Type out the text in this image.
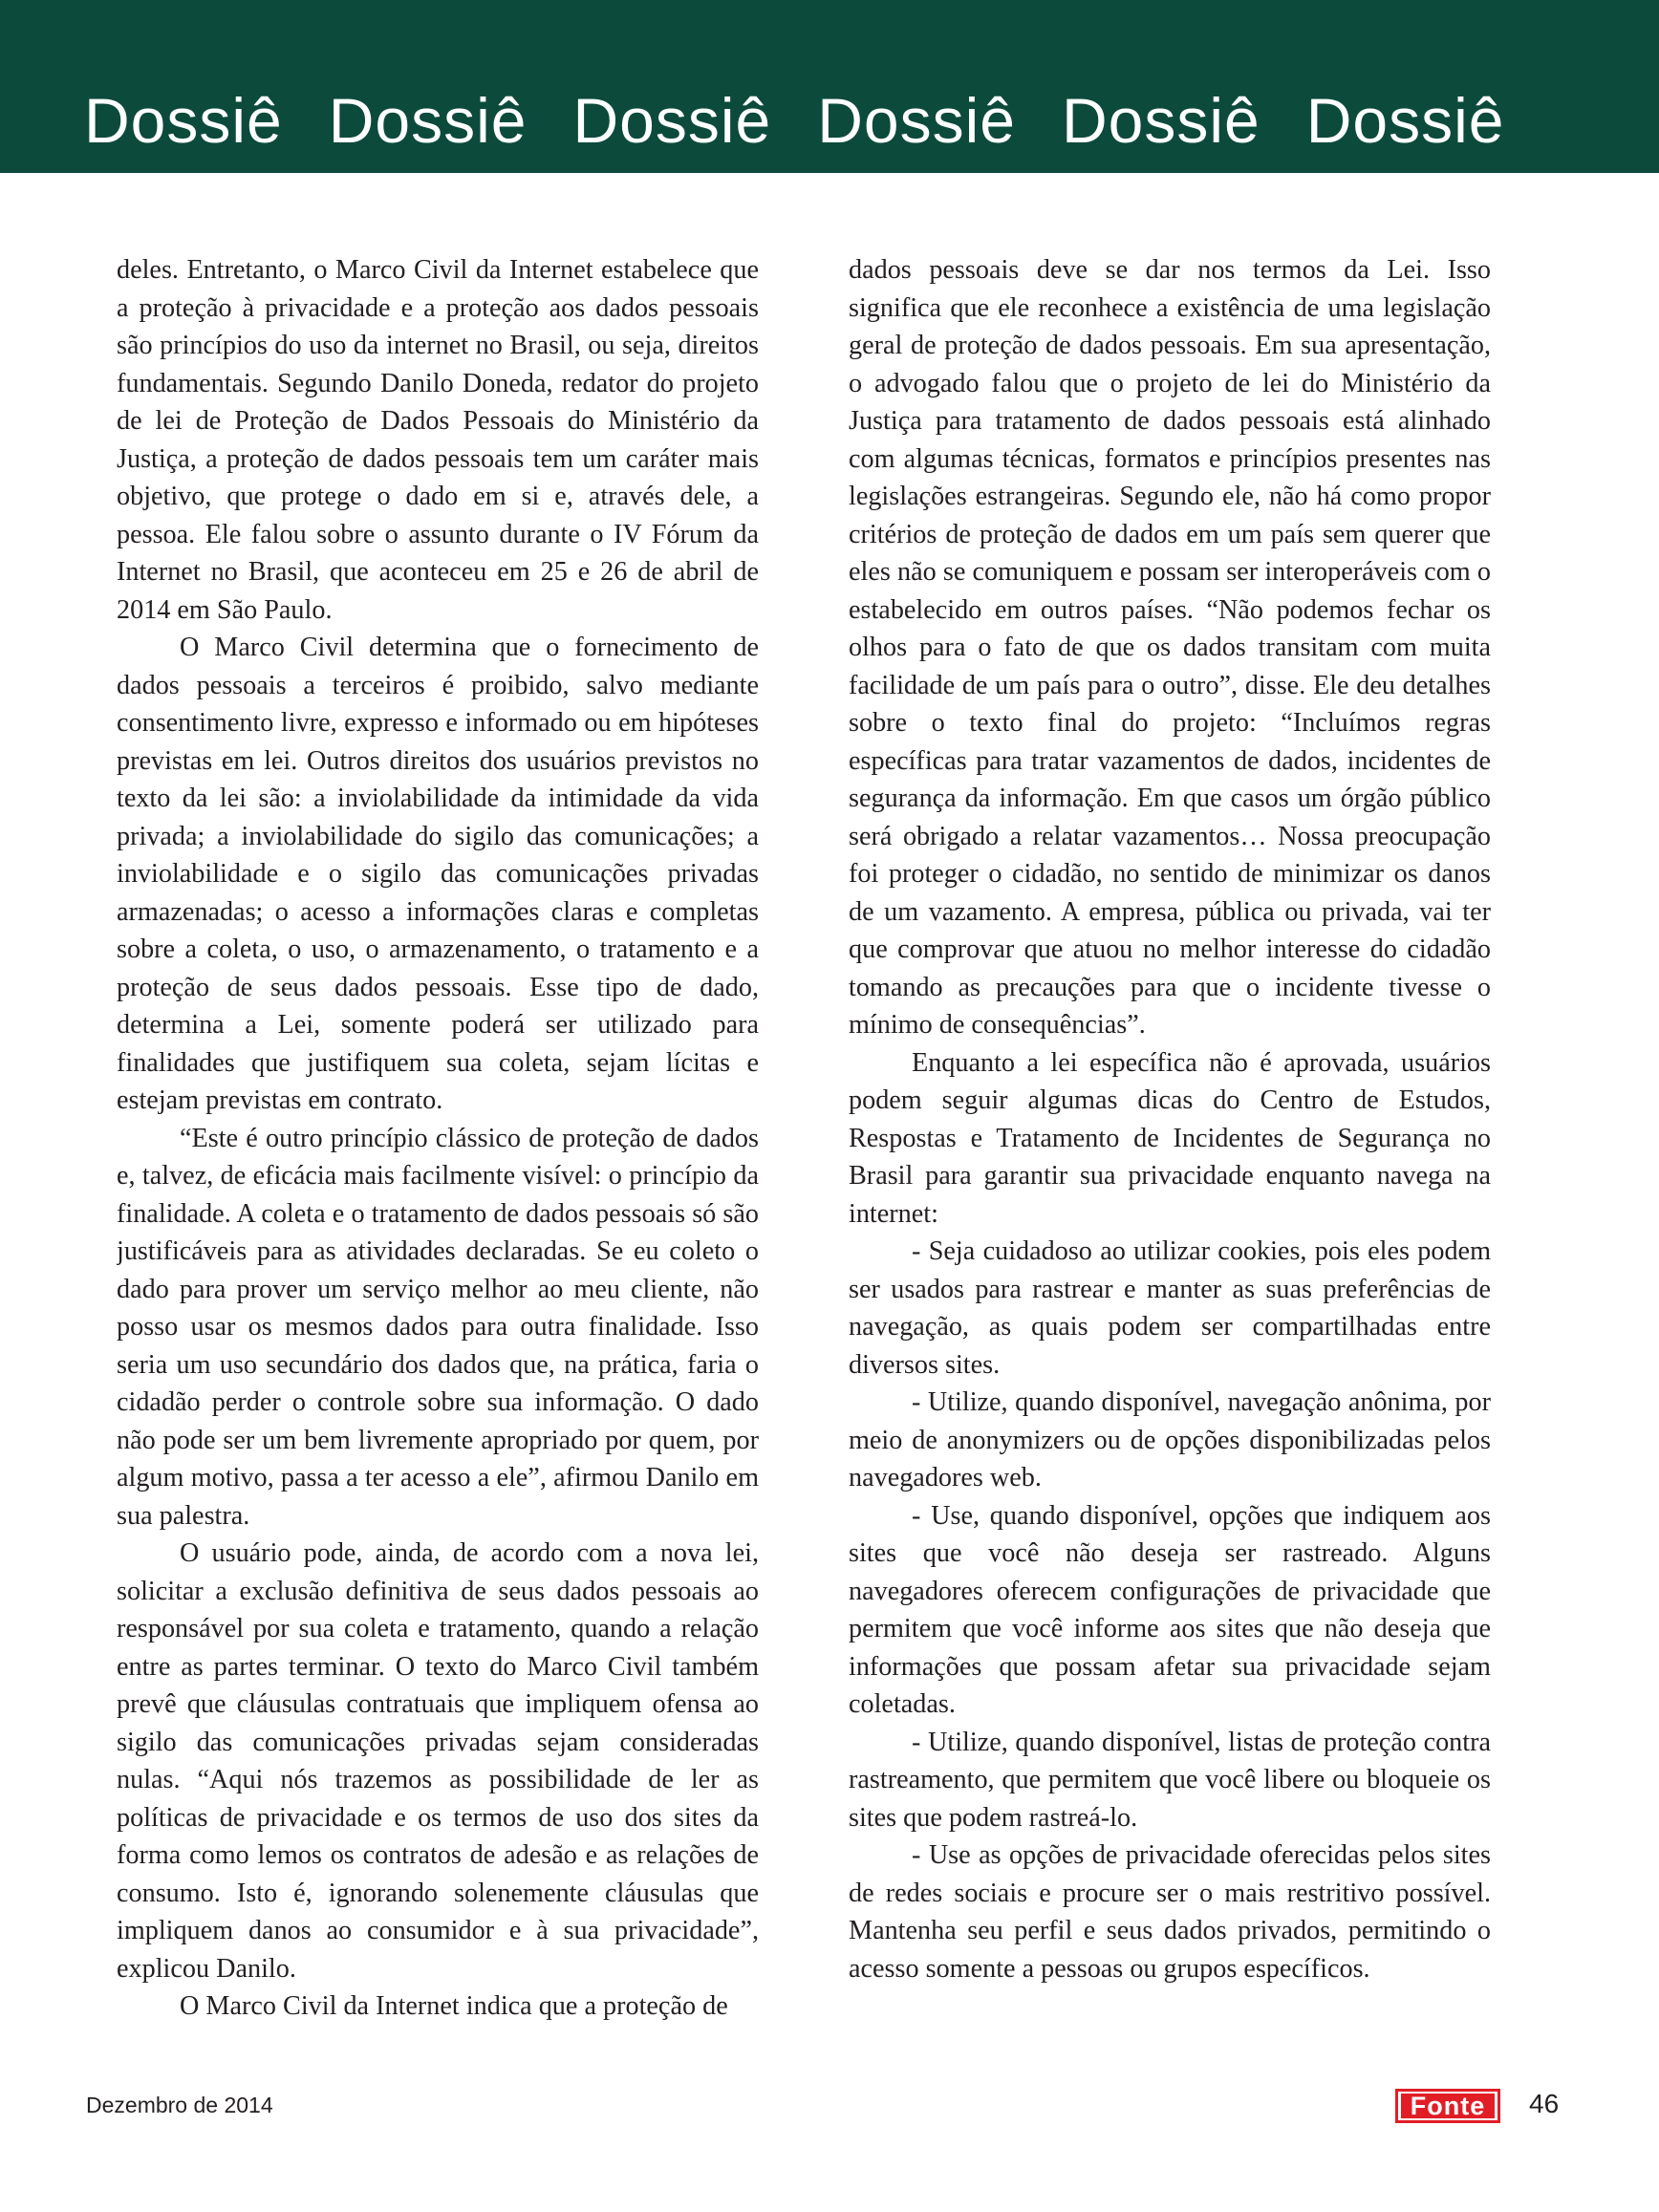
Dossiê Dossiê Dossiê Dossiê Dossiê Dossiê

deles. Entretanto, o Marco Civil da Internet estabelece que a proteção à privacidade e a proteção aos dados pessoais são princípios do uso da internet no Brasil, ou seja, direitos fundamentais. Segundo Danilo Doneda, redator do projeto de lei de Proteção de Dados Pessoais do Ministério da Justiça, a proteção de dados pessoais tem um caráter mais objetivo, que protege o dado em si e, através dele, a pessoa. Ele falou sobre o assunto durante o IV Fórum da Internet no Brasil, que aconteceu em 25 e 26 de abril de 2014 em São Paulo.

O Marco Civil determina que o fornecimento de dados pessoais a terceiros é proibido, salvo mediante consentimento livre, expresso e informado ou em hipóteses previstas em lei. Outros direitos dos usuários previstos no texto da lei são: a inviolabilidade da intimidade da vida privada; a inviolabilidade do sigilo das comunicações; a inviolabilidade e o sigilo das comunicações privadas armazenadas; o acesso a informações claras e completas sobre a coleta, o uso, o armazenamento, o tratamento e a proteção de seus dados pessoais. Esse tipo de dado, determina a Lei, somente poderá ser utilizado para finalidades que justifiquem sua coleta, sejam lícitas e estejam previstas em contrato.

“Este é outro princípio clássico de proteção de dados e, talvez, de eficácia mais facilmente visível: o princípio da finalidade. A coleta e o tratamento de dados pessoais só são justificáveis para as atividades declaradas. Se eu coleto o dado para prover um serviço melhor ao meu cliente, não posso usar os mesmos dados para outra finalidade. Isso seria um uso secundário dos dados que, na prática, faria o cidadão perder o controle sobre sua informação. O dado não pode ser um bem livremente apropriado por quem, por algum motivo, passa a ter acesso a ele”, afirmou Danilo em sua palestra.

O usuário pode, ainda, de acordo com a nova lei, solicitar a exclusão definitiva de seus dados pessoais ao responsável por sua coleta e tratamento, quando a relação entre as partes terminar. O texto do Marco Civil também prevê que cláusulas contratuais que impliquem ofensa ao sigilo das comunicações privadas sejam consideradas nulas. “Aqui nós trazemos as possibilidade de ler as políticas de privacidade e os termos de uso dos sites da forma como lemos os contratos de adesão e as relações de consumo. Isto é, ignorando solenemente cláusulas que impliquem danos ao consumidor e à sua privacidade”, explicou Danilo.

O Marco Civil da Internet indica que a proteção de

dados pessoais deve se dar nos termos da Lei. Isso significa que ele reconhece a existência de uma legislação geral de proteção de dados pessoais. Em sua apresentação, o advogado falou que o projeto de lei do Ministério da Justiça para tratamento de dados pessoais está alinhado com algumas técnicas, formatos e princípios presentes nas legislações estrangeiras. Segundo ele, não há como propor critérios de proteção de dados em um país sem querer que eles não se comuniquem e possam ser interoperáveis com o estabelecido em outros países. “Não podemos fechar os olhos para o fato de que os dados transitam com muita facilidade de um país para o outro”, disse. Ele deu detalhes sobre o texto final do projeto: “Incluímos regras específicas para tratar vazamentos de dados, incidentes de segurança da informação. Em que casos um órgão público será obrigado a relatar vazamentos… Nossa preocupação foi proteger o cidadão, no sentido de minimizar os danos de um vazamento. A empresa, pública ou privada, vai ter que comprovar que atuou no melhor interesse do cidadão tomando as precauções para que o incidente tivesse o mínimo de consequências”.

Enquanto a lei específica não é aprovada, usuários podem seguir algumas dicas do Centro de Estudos, Respostas e Tratamento de Incidentes de Segurança no Brasil para garantir sua privacidade enquanto navega na internet:

- Seja cuidadoso ao utilizar cookies, pois eles podem ser usados para rastrear e manter as suas preferências de navegação, as quais podem ser compartilhadas entre diversos sites.

- Utilize, quando disponível, navegação anônima, por meio de anonymizers ou de opções disponibilizadas pelos navegadores web.

- Use, quando disponível, opções que indiquem aos sites que você não deseja ser rastreado. Alguns navegadores oferecem configurações de privacidade que permitem que você informe aos sites que não deseja que informações que possam afetar sua privacidade sejam coletadas.

- Utilize, quando disponível, listas de proteção contra rastreamento, que permitem que você libere ou bloqueie os sites que podem rastreá-lo.

- Use as opções de privacidade oferecidas pelos sites de redes sociais e procure ser o mais restritivo possível. Mantenha seu perfil e seus dados privados, permitindo o acesso somente a pessoas ou grupos específicos.

Dezembro de 2014	Fonte	46
